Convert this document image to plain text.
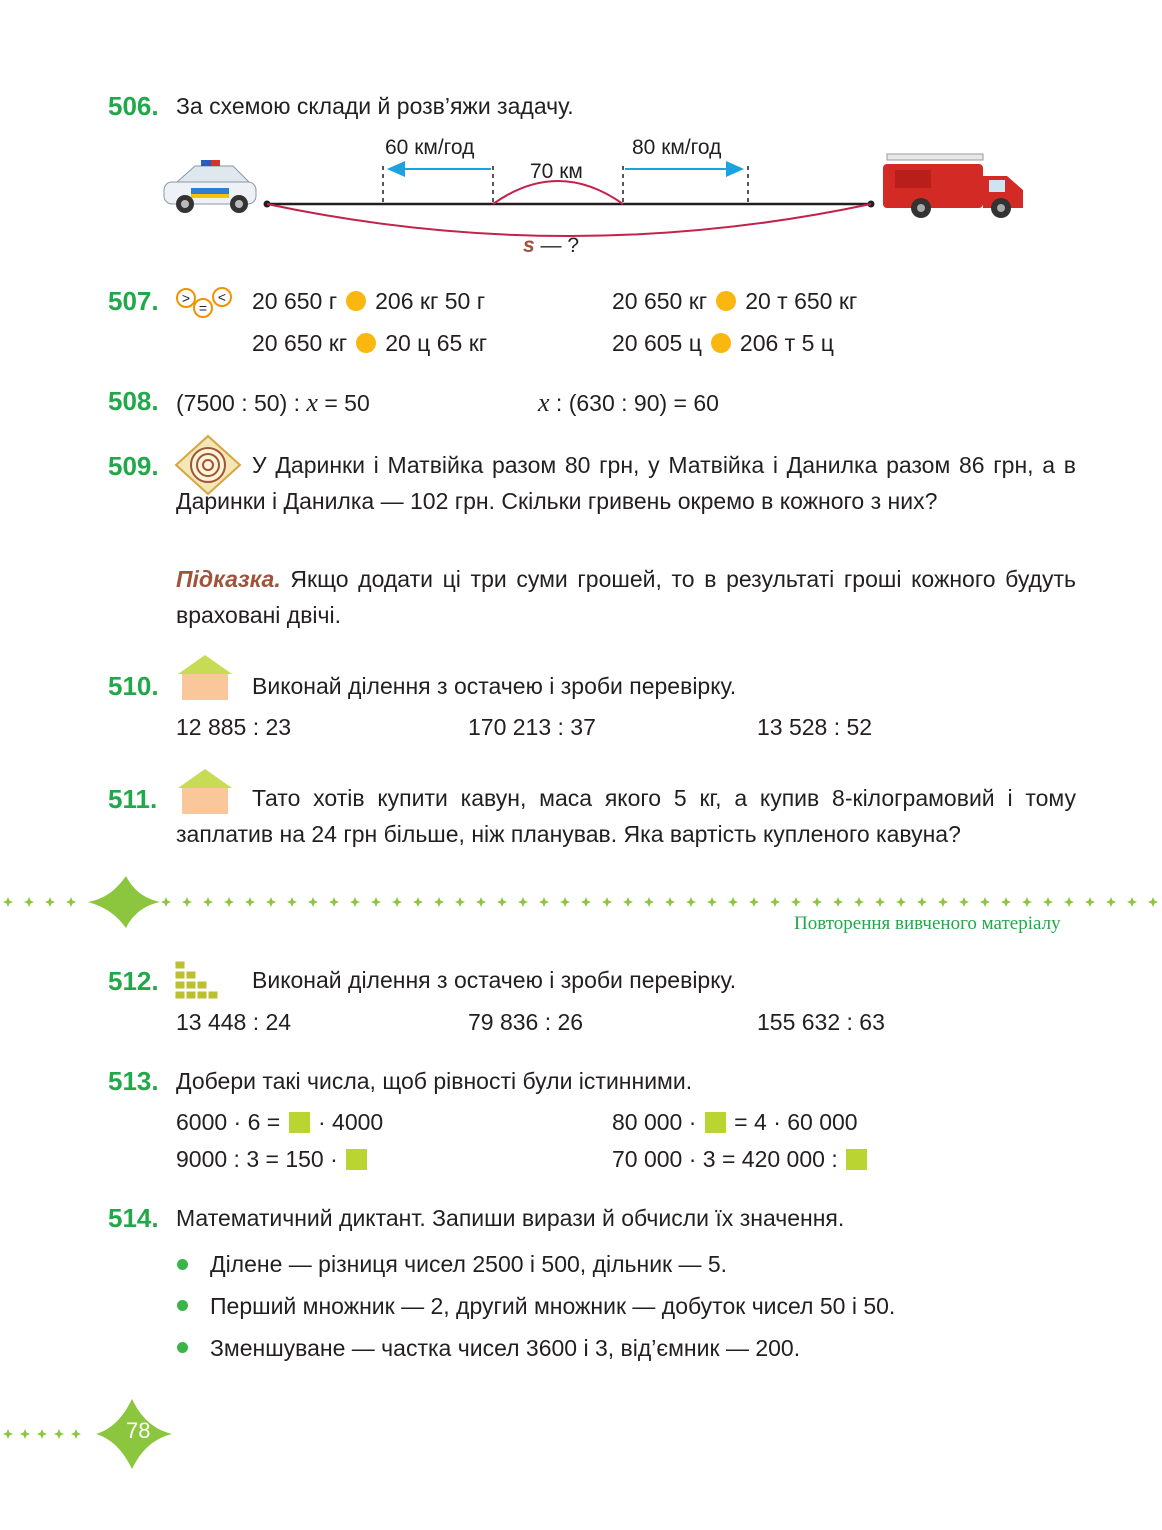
506. За схемою склади й розв’яжи задачу.
60 км/год	80 км/год
70 км
s — ?
507. >
=
< 20 650 г 206 кг 50 г	20 650 кг 20 т 650 кг
20 650 кг 20 ц 65 кг	20 605 ц 206 т 5 ц
508. (7500 : 50) : x = 50	x : (630 : 90) = 60
509.	У Даринки і Матвійка разом 80 грн, у Матвійка і Данилка разом 86 грн, а в Даринки і Данилка — 102 грн. Скільки гривень окремо в кожного з них?
Підказка. Якщо додати ці три суми грошей, то в результаті гроші кожного будуть враховані двічі.
510.	Виконай ділення з остачею і зроби перевірку.
12 885 : 23	170 213 : 37	13 528 : 52
511.	Тато хотів купити кавун, маса якого 5 кг, а купив 8-кілограмовий і тому заплатив на 24 грн більше, ніж планував. Яка вартість купленого кавуна?
Повторення вивченого матеріалу
512.	Виконай ділення з остачею і зроби перевірку.
13 448 : 24	79 836 : 26	155 632 : 63
513. Добери такі числа, щоб рівності були істинними.
6000 · 6 =  · 4000	80 000 ·  = 4 · 60 000
9000 : 3 = 150 ·	70 000 · 3 = 420 000 :
514. Математичний диктант. Запиши вирази й обчисли їх значення.
Ділене — різниця чисел 2500 і 500, дільник — 5.
Перший множник — 2, другий множник — добуток чисел 50 і 50.
Зменшуване — частка чисел 3600 і 3, від’ємник — 200.
78
